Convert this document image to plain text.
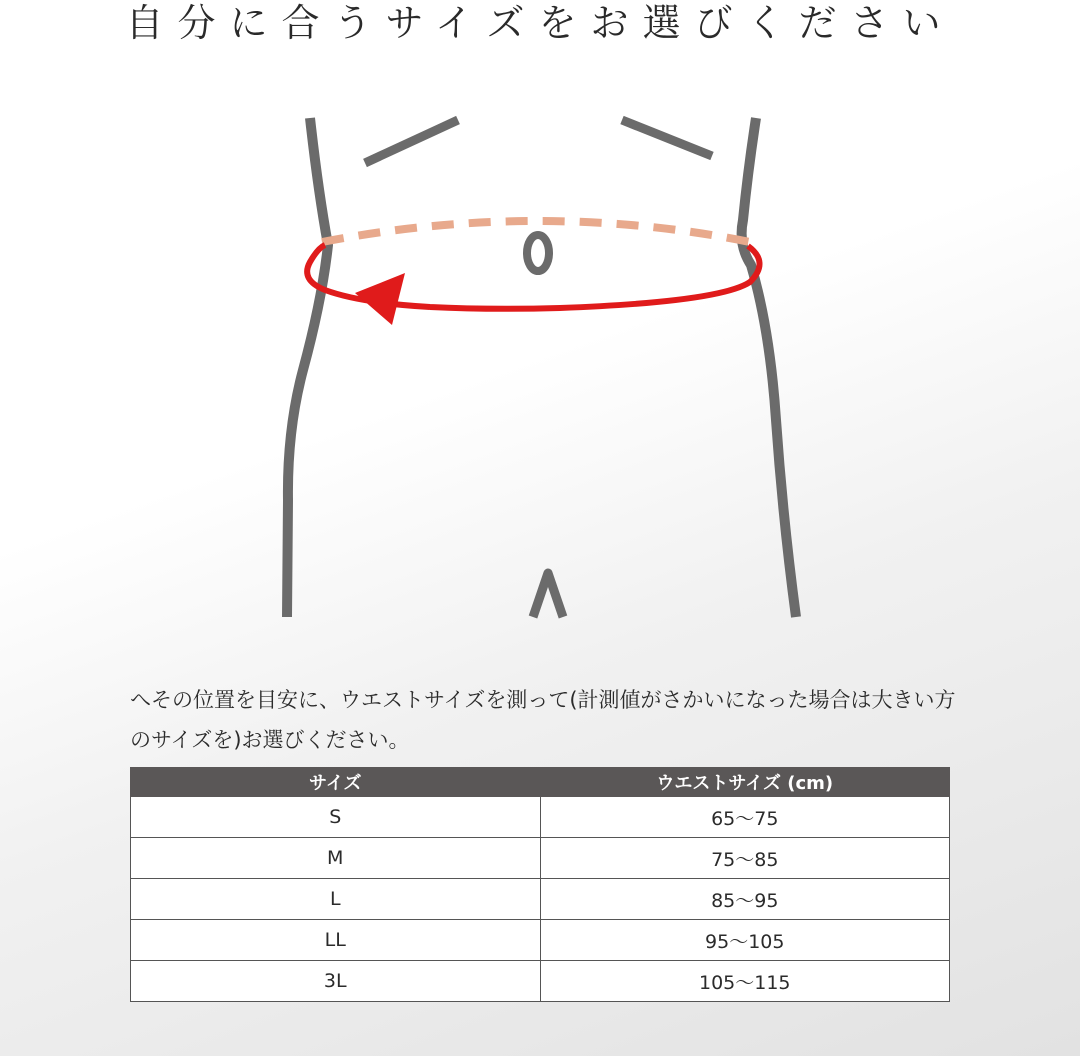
自分に合うサイズをお選びください
へその位置を目安に、ウエストサイズを測って(計測値がさかいになった場合は大きい方のサイズを)お選びください。
サイズ	ウエストサイズ (cm)
S	65〜75
M	75〜85
L	85〜95
LL	95〜105
3L	105〜115
